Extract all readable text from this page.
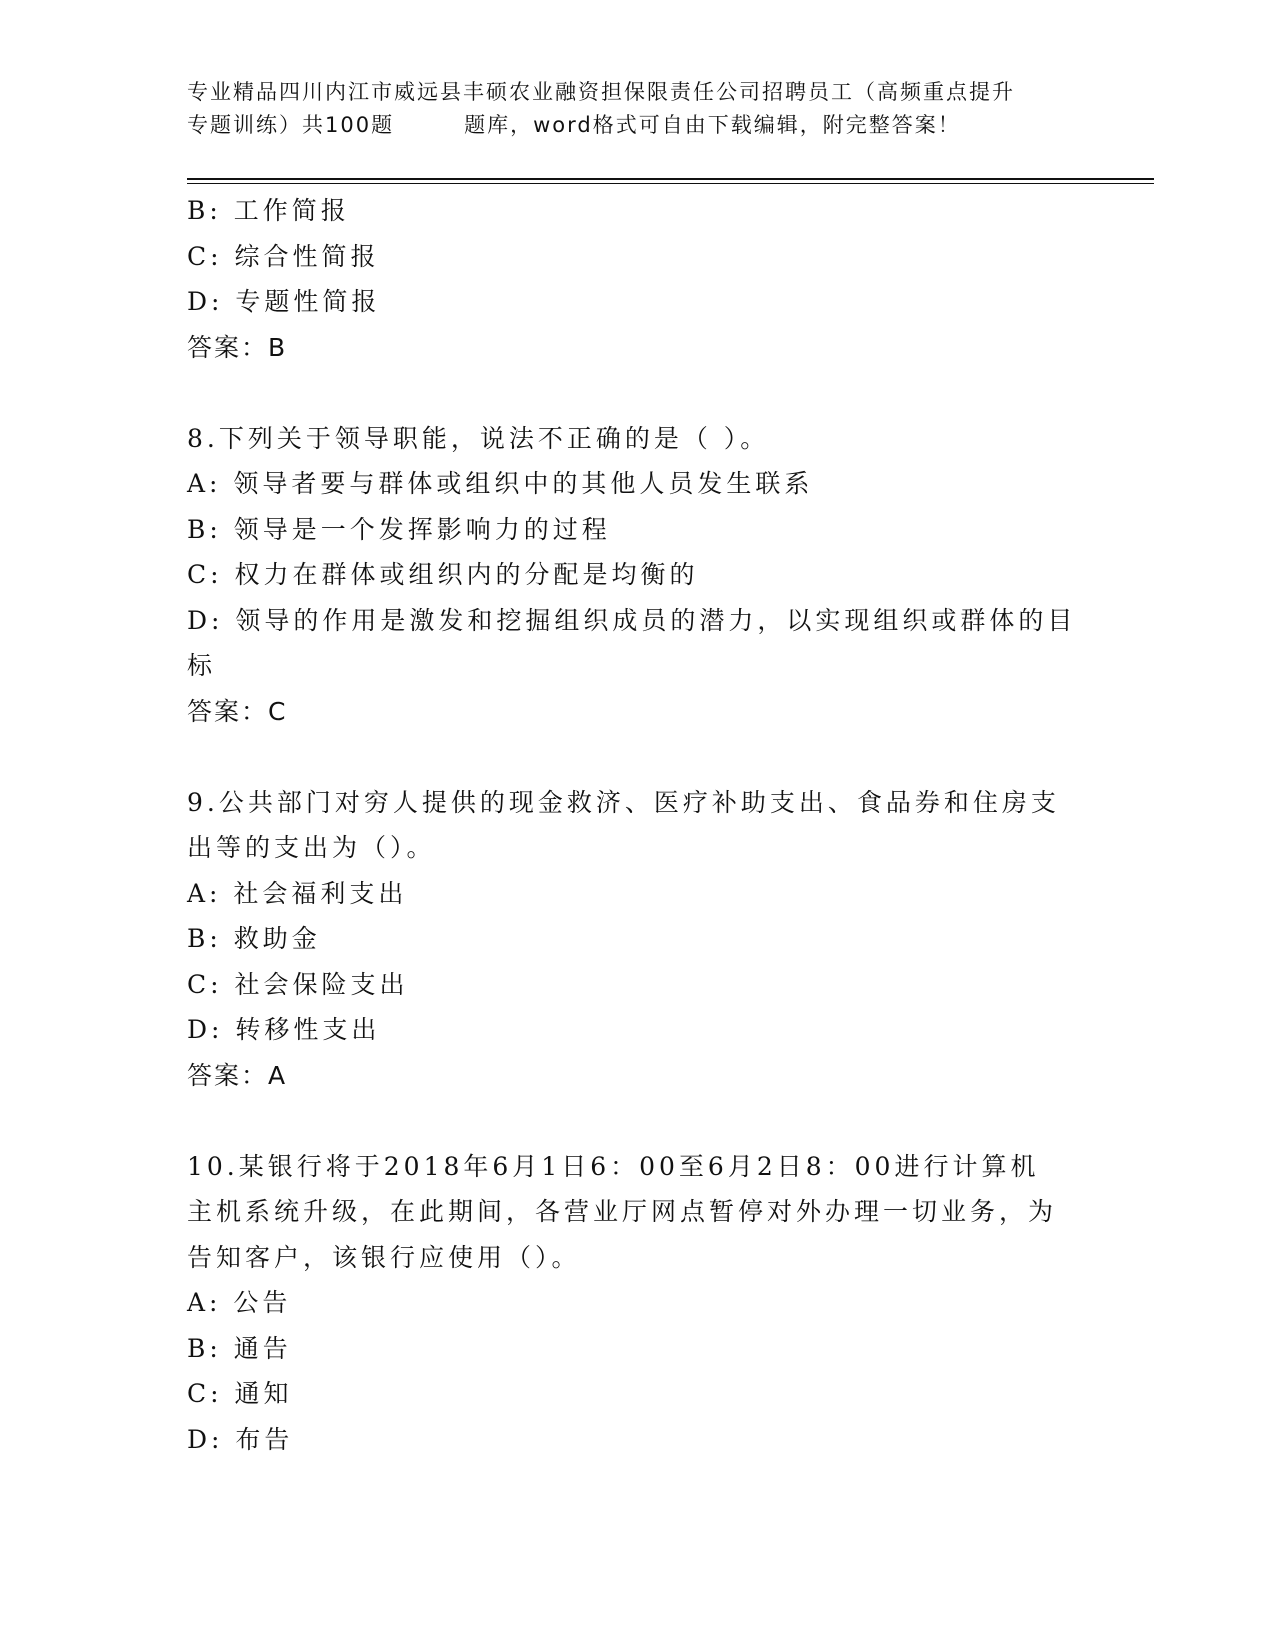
专业精品四川内江市威远县丰硕农业融资担保限责任公司招聘员工（高频重点提升
专题训练）共100题	题库，word格式可自由下载编辑，附完整答案！
B: 工作简报
C: 综合性简报
D: 专题性简报
答案：B
8.下列关于领导职能，说法不正确的是（ ）。
A: 领导者要与群体或组织中的其他人员发生联系
B: 领导是一个发挥影响力的过程
C: 权力在群体或组织内的分配是均衡的
D: 领导的作用是激发和挖掘组织成员的潜力，以实现组织或群体的目
标
答案：C
9.公共部门对穷人提供的现金救济、医疗补助支出、食品券和住房支
出等的支出为（）。
A: 社会福利支出
B: 救助金
C: 社会保险支出
D: 转移性支出
答案：A
10.某银行将于2018年6月1日6：00至6月2日8：00进行计算机
主机系统升级，在此期间，各营业厅网点暂停对外办理一切业务，为
告知客户，该银行应使用（）。
A: 公告
B: 通告
C: 通知
D: 布告
